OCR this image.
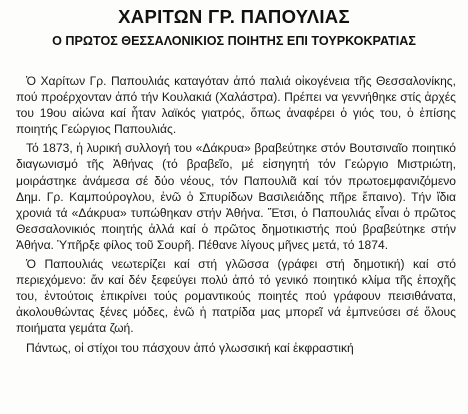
ΧΑΡΙΤΩΝ ΓΡ. ΠΑΠΟΥΛΙΑΣ
Ο ΠΡΩΤΟΣ ΘΕΣΣΑΛΟΝΙΚΙΟΣ ΠΟΙΗΤΗΣ ΕΠΙ ΤΟΥΡΚΟΚΡΑΤΙΑΣ

Ὁ Χαρίτων Γρ. Παπουλιάς καταγόταν ἀπό παλιά οἰκογένεια τῆς Θεσσαλονίκης, πού προέρχονταν ἀπό τήν Κουλακιά (Χαλάστρα). Πρέπει να γεννήθηκε στίς ἀρχές του 19ου αἰώνα καί ἦταν λαϊκός γιατρός, ὅπως ἀναφέρει ὁ γιός του, ὁ ἐπίσης ποιητής Γεώργιος Παπουλιάς.

Τό 1873, ἡ λυρική συλλογή του «Δάκρυα» βραβεύτηκε στόν Βουτσιναῖο ποιητικό διαγωνισμό τῆς Ἀθήνας (τό βραβεῖο, μέ εἰσηγητή τόν Γεώργιο Μιστριώτη, μοιράστηκε ἀνάμεσα σέ δύο νέους, τόν Παπουλιᾶ καί τόν πρωτοεμφανιζόμενο Δημ. Γρ. Καμπούρογλου, ἐνῶ ὁ Σπυρίδων Βασιλειάδης πῆρε ἔπαινο). Τήν ἴδια χρονιά τά «Δάκρυα» τυπώθηκαν στήν Ἀθήνα. Ἔτσι, ὁ Παπουλιάς εἶναι ὁ πρῶτος Θεσσαλονικιός ποιητής ἀλλά καί ὁ πρῶτος δημοτικιστής πού βραβεύτηκε στήν Ἀθήνα. Ὑπῆρξε φίλος τοῦ Σουρῆ. Πέθανε λίγους μῆνες μετά, τό 1874.

Ὁ Παπουλιάς νεωτερίζει καί στή γλῶσσα (γράφει στή δημοτική) καί στό περιεχόμενο: ἄν καί δέν ξεφεύγει πολύ ἀπό τό γενικό ποιητικό κλίμα τῆς ἐποχῆς του, ἐντούτοις ἐπικρίνει τούς ρομαντικούς ποιητές πού γράφουν πεισιθάνατα, ἀκολουθώντας ξένες μόδες, ἐνῶ ἡ πατρίδα μας μπορεῖ νά ἐμπνεύσει σέ ὅλους ποιήματα γεμάτα ζωή.

Πάντως, οἱ στίχοι του πάσχουν ἀπό γλωσσική καί ἐκφραστική
